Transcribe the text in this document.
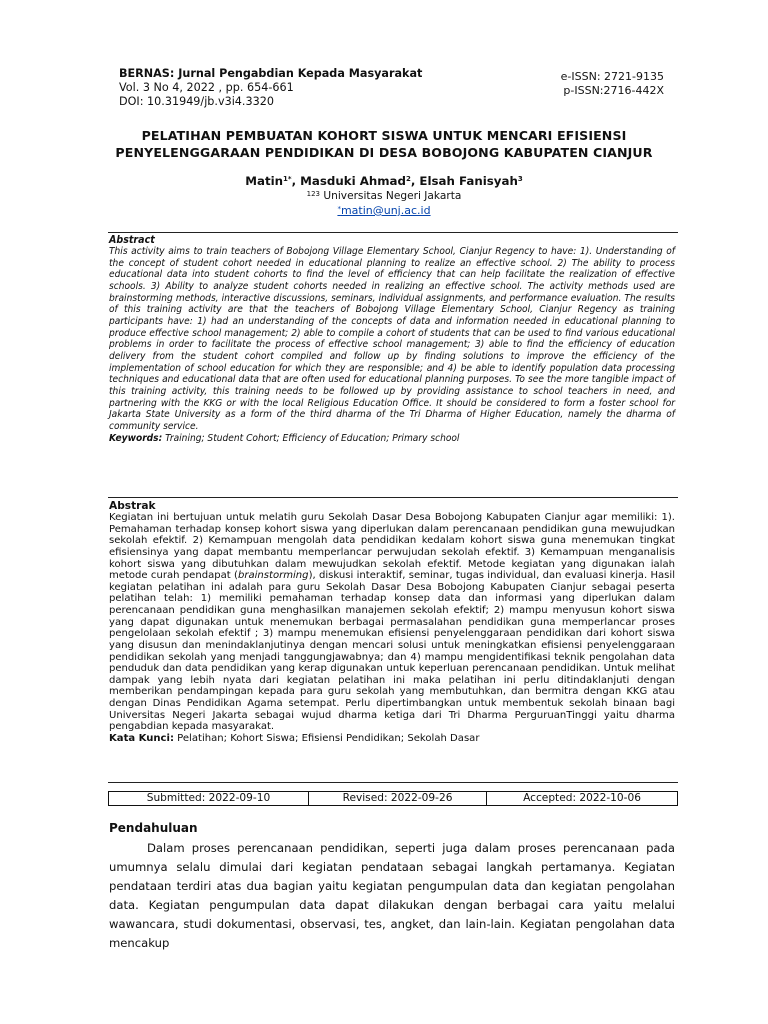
BERNAS: Jurnal Pengabdian Kepada Masyarakat
Vol. 3 No 4, 2022 , pp. 654-661
DOI: 10.31949/jb.v3i4.3320
e-ISSN: 2721-9135
p-ISSN:2716-442X
PELATIHAN PEMBUATAN KOHORT SISWA UNTUK MENCARI EFISIENSI
PENYELENGGARAAN PENDIDIKAN DI DESA BOBOJONG KABUPATEN CIANJUR
Matin$^{1*}$, Masduki Ahmad$^2$, Elsah Fanisyah$^3$
$^{123}$ Universitas Negeri Jakarta
*matin@unj.ac.id
Abstract
This activity aims to train teachers of Bobojong Village Elementary School, Cianjur Regency to have: 1). Understanding of the concept of student cohort needed in educational planning to realize an effective school. 2) The ability to process educational data into student cohorts to find the level of efficiency that can help facilitate the realization of effective schools. 3) Ability to analyze student cohorts needed in realizing an effective school. The activity methods used are brainstorming methods, interactive discussions, seminars, individual assignments, and performance evaluation. The results of this training activity are that the teachers of Bobojong Village Elementary School, Cianjur Regency as training participants have: 1) had an understanding of the concepts of data and information needed in educational planning to produce effective school management; 2) able to compile a cohort of students that can be used to find various educational problems in order to facilitate the process of effective school management; 3) able to find the efficiency of education delivery from the student cohort compiled and follow up by finding solutions to improve the efficiency of the implementation of school education for which they are responsible; and 4) be able to identify population data processing techniques and educational data that are often used for educational planning purposes. To see the more tangible impact of this training activity, this training needs to be followed up by providing assistance to school teachers in need, and partnering with the KKG or with the local Religious Education Office. It should be considered to form a foster school for Jakarta State University as a form of the third dharma of the Tri Dharma of Higher Education, namely the dharma of community service.
Keywords: Training; Student Cohort; Efficiency of Education; Primary school
Abstrak
Kegiatan ini bertujuan untuk melatih guru Sekolah Dasar Desa Bobojong Kabupaten Cianjur agar memiliki: 1). Pemahaman terhadap konsep kohort siswa yang diperlukan dalam perencanaan pendidikan guna mewujudkan sekolah efektif. 2) Kemampuan mengolah data pendidikan kedalam kohort siswa guna menemukan tingkat efisiensinya yang dapat membantu memperlancar perwujudan sekolah efektif. 3) Kemampuan menganalisis kohort siswa yang dibutuhkan dalam mewujudkan sekolah efektif. Metode kegiatan yang digunakan ialah metode curah pendapat (brainstorming), diskusi interaktif, seminar, tugas individual, dan evaluasi kinerja. Hasil kegiatan pelatihan ini adalah para guru Sekolah Dasar Desa Bobojong Kabupaten Cianjur sebagai peserta pelatihan telah: 1) memiliki pemahaman terhadap konsep data dan informasi yang diperlukan dalam perencanaan pendidikan guna menghasilkan manajemen sekolah efektif; 2) mampu menyusun kohort siswa yang dapat digunakan untuk menemukan berbagai permasalahan pendidikan guna memperlancar proses pengelolaan sekolah efektif ; 3) mampu menemukan efisiensi penyelenggaraan pendidikan dari kohort siswa yang disusun dan menindaklanjutinya dengan mencari solusi untuk meningkatkan efisiensi penyelenggaraan pendidikan sekolah yang menjadi tanggungjawabnya; dan 4) mampu mengidentifikasi teknik pengolahan data penduduk dan data pendidikan yang kerap digunakan untuk keperluan perencanaan pendidikan. Untuk melihat dampak yang lebih nyata dari kegiatan pelatihan ini maka pelatihan ini perlu ditindaklanjuti dengan memberikan pendampingan kepada para guru sekolah yang membutuhkan, dan bermitra dengan KKG atau dengan Dinas Pendidikan Agama setempat. Perlu dipertimbangkan untuk membentuk sekolah binaan bagi Universitas Negeri Jakarta sebagai wujud dharma ketiga dari Tri Dharma PerguruanTinggi yaitu dharma pengabdian kepada masyarakat.
Kata Kunci: Pelatihan; Kohort Siswa; Efisiensi Pendidikan; Sekolah Dasar
Submitted: 2022-09-10	Revised: 2022-09-26	Accepted: 2022-10-06
Pendahuluan
Dalam proses perencanaan pendidikan, seperti juga dalam proses perencanaan pada umumnya selalu dimulai dari kegiatan pendataan sebagai langkah pertamanya. Kegiatan pendataan terdiri atas dua bagian yaitu kegiatan pengumpulan data dan kegiatan pengolahan data. Kegiatan pengumpulan data dapat dilakukan dengan berbagai cara yaitu melalui wawancara, studi dokumentasi, observasi, tes, angket, dan lain-lain. Kegiatan pengolahan data mencakup
